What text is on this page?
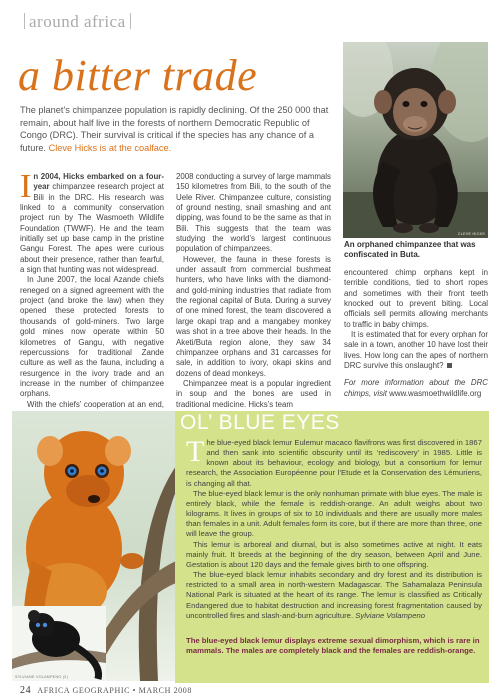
around africa
a bitter trade
The planet’s chimpanzee population is rapidly declining. Of the 250 000 that remain, about half live in the forests of northern Democratic Republic of Congo (DRC). Their survival is critical if the species has any chance of a future. Cleve Hicks is at the coalface.
CLEVE HICKS
An orphaned chimpanzee that was confiscated in Buta.

In 2004, Hicks embarked on a four-year chimpanzee research project at Bili in the DRC. His research was linked to a community conservation project run by The Wasmoeth Wildlife Foundation (TWWF). He and the team initially set up base camp in the pristine Gangu Forest. The apes were curious about their presence, rather than fearful, a sign that hunting was not widespread.

In June 2007, the local Azande chiefs reneged on a signed agreement with the project (and broke the law) when they opened these protected forests to thousands of gold-miners. Two large gold mines now operate within 50 kilometres of Gangu, with negative repercussions for traditional Zande culture as well as the fauna, including a resurgence in the ivory trade and an increase in the number of chimpanzee orphans.

With the chiefs’ cooperation at an end,

2008 conducting a survey of large mammals 150 kilometres from Bili, to the south of the Uele River. Chimpanzee culture, consisting of ground nesting, snail smashing and ant dipping, was found to be the same as that in Bili. This suggests that the team was studying the world’s largest continuous population of chimpanzees.

However, the fauna in these forests is under assault from commercial bushmeat hunters, who have links with the diamond- and gold-mining industries that radiate from the regional capital of Buta. During a survey of one mined forest, the team discovered a large okapi trap and a mangabey monkey was shot in a tree above their heads. In the Aketi/Buta region alone, they saw 34 chimpanzee orphans and 31 carcasses for sale, in addition to ivory, okapi skins and dozens of dead monkeys.

Chimpanzee meat is a popular ingredient in soup and the bones are used in traditional medicine. Hicks’s team

encountered chimp orphans kept in terrible conditions, tied to short ropes and sometimes with their front teeth knocked out to prevent biting. Local officials sell permits allowing merchants to traffic in baby chimps.

It is estimated that for every orphan for sale in a town, another 10 have lost their lives. How long can the apes of northern DRC survive this onslaught?

For more information about the DRC chimps, visit www.wasmoethwildlife.org

SYLVIANE VOLAMPENO (2)
OL’ BLUE EYES

The blue-eyed black lemur Eulemur macaco flavifrons was first discovered in 1867 and then sank into scientific obscurity until its ‘rediscovery’ in 1985. Little is known about its behaviour, ecology and biology, but a consortium for lemur research, the Association Européenne pour l’Etude et la Conservation des Lémuriens, is changing all that.

The blue-eyed black lemur is the only nonhuman primate with blue eyes. The male is entirely black, while the female is reddish-orange. An adult weighs about two kilograms. It lives in groups of six to 10 individuals and there are usually more males than females in a unit. Adult females form its core, but if there are more than three, one will leave the group.

This lemur is arboreal and diurnal, but is also sometimes active at night. It eats mainly fruit. It breeds at the beginning of the dry season, between April and June. Gestation is about 120 days and the female gives birth to one offspring.

The blue-eyed black lemur inhabits secondary and dry forest and its distribution is restricted to a small area in north-western Madagascar. The Sahamalaza Peninsula National Park is situated at the heart of its range. The lemur is classified as Critically Endangered due to habitat destruction and increasing forest fragmentation caused by uncontrolled fires and slash-and-burn agriculture. Sylviane Volampeno

The blue-eyed black lemur displays extreme sexual dimorphism, which is rare in mammals. The males are completely black and the females are reddish-orange.
24 AFRICA GEOGRAPHIC • MARCH 2008
